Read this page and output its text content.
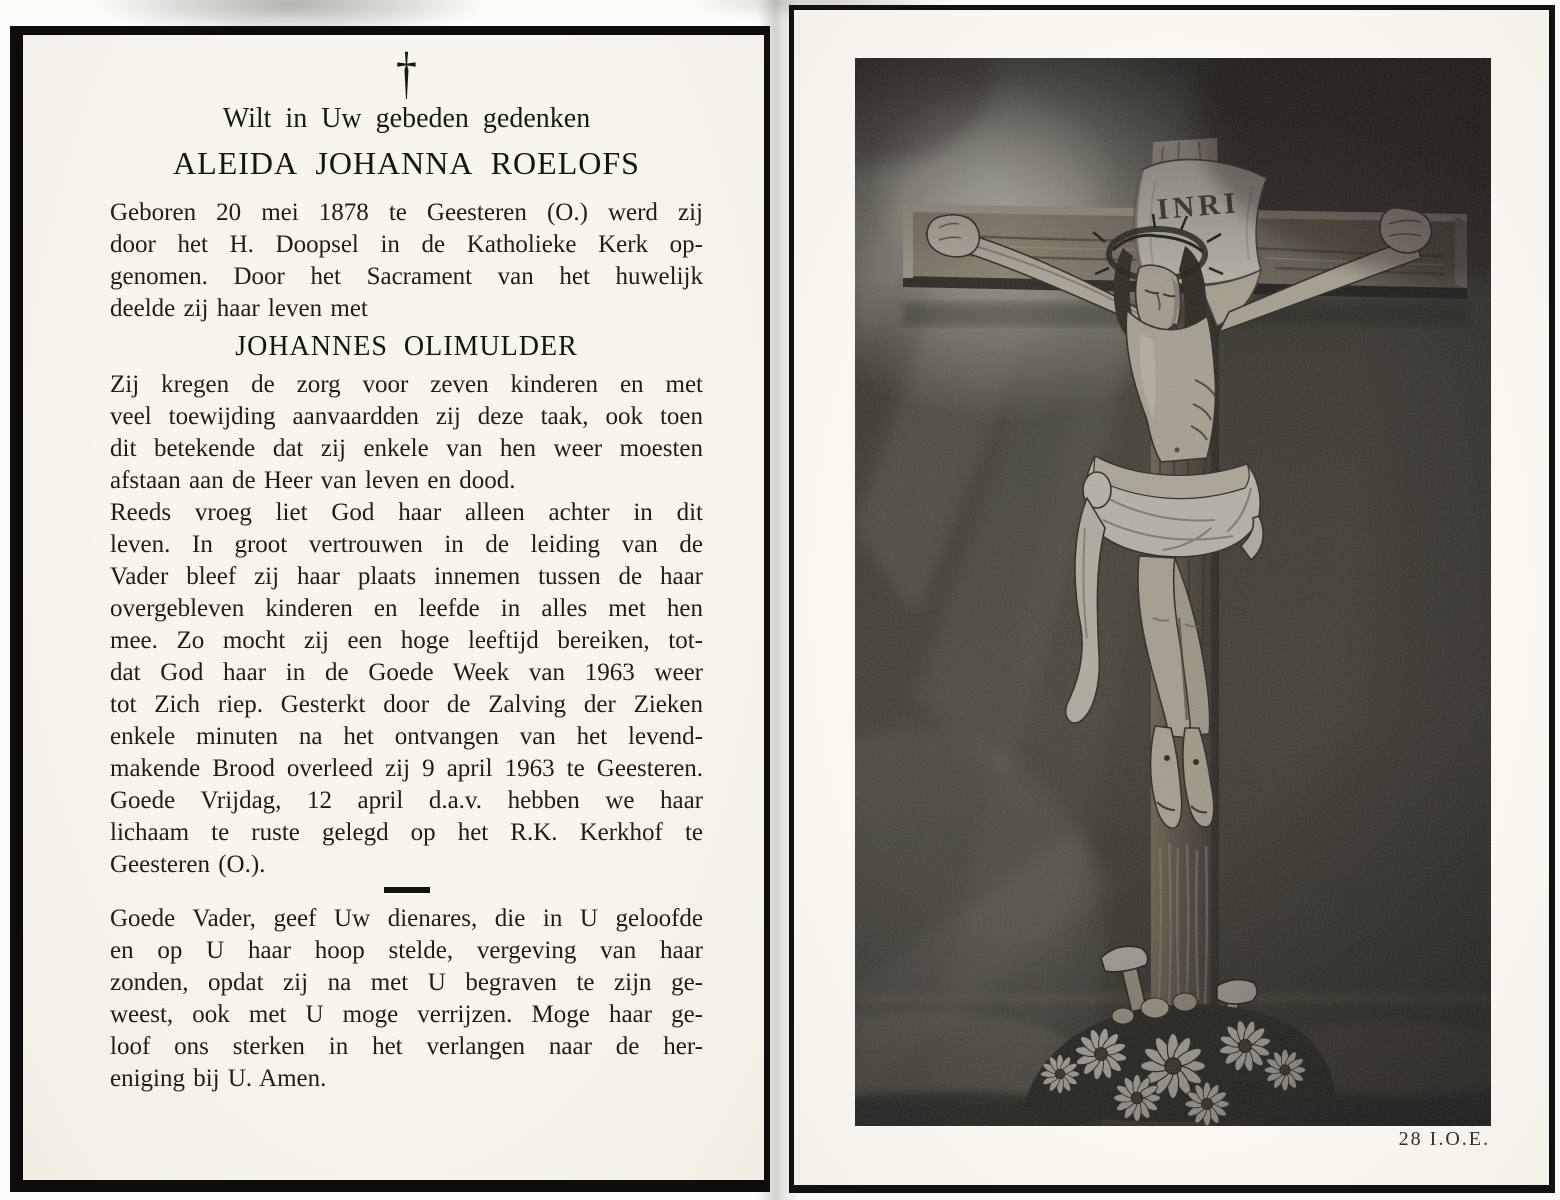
†
Wilt in Uw gebeden gedenken
ALEIDA JOHANNA ROELOFS
Geboren 20 mei 1878 te Geesteren (O.) werd zij
door het H. Doopsel in de Katholieke Kerk op-
genomen. Door het Sacrament van het huwelijk
deelde zij haar leven met
JOHANNES OLIMULDER
Zij kregen de zorg voor zeven kinderen en met
veel toewijding aanvaardden zij deze taak, ook toen
dit betekende dat zij enkele van hen weer moesten
afstaan aan de Heer van leven en dood.
Reeds vroeg liet God haar alleen achter in dit
leven. In groot vertrouwen in de leiding van de
Vader bleef zij haar plaats innemen tussen de haar
overgebleven kinderen en leefde in alles met hen
mee. Zo mocht zij een hoge leeftijd bereiken, tot-
dat God haar in de Goede Week van 1963 weer
tot Zich riep. Gesterkt door de Zalving der Zieken
enkele minuten na het ontvangen van het levend-
makende Brood overleed zij 9 april 1963 te Geesteren.
Goede Vrijdag, 12 april d.a.v. hebben we haar
lichaam te ruste gelegd op het R.K. Kerkhof te
Geesteren (O.).
Goede Vader, geef Uw dienares, die in U geloofde
en op U haar hoop stelde, vergeving van haar
zonden, opdat zij na met U begraven te zijn ge-
weest, ook met U moge verrijzen. Moge haar ge-
loof ons sterken in het verlangen naar de her-
eniging bij U. Amen.
28 I.O.E.
